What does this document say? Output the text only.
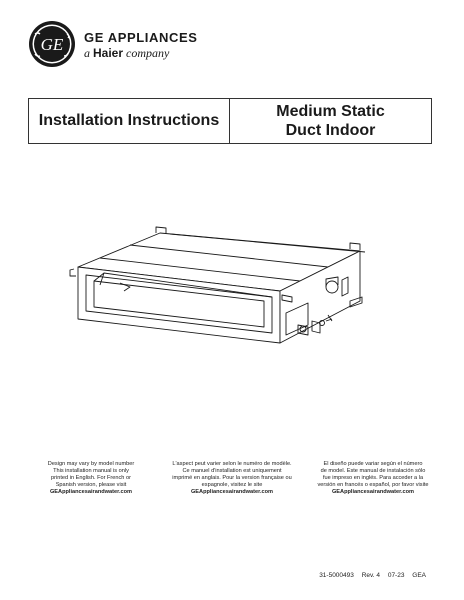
GE GE APPLIANCES
a Haier company
Installation Instructions
Medium Static
Duct Indoor
Design may vary by model number
This installation manual is only
printed in English. For French or
Spanish version, please visit
GEAppliancesairandwater.com
L'aspect peut varier selon le numéro de modèle.
Ce manuel d'installation est uniquement
imprimé en anglais. Pour la version française ou
espagnole, visitez le site
GEAppliancesairandwater.com
El diseño puede variar según el número
de model. Este manual de instalación sólo
fue impreso en inglés. Para acceder a la
versión en francés o español, por favor visite
GEAppliancesairandwater.com
31-5000493 Rev. 4 07-23 GEA
